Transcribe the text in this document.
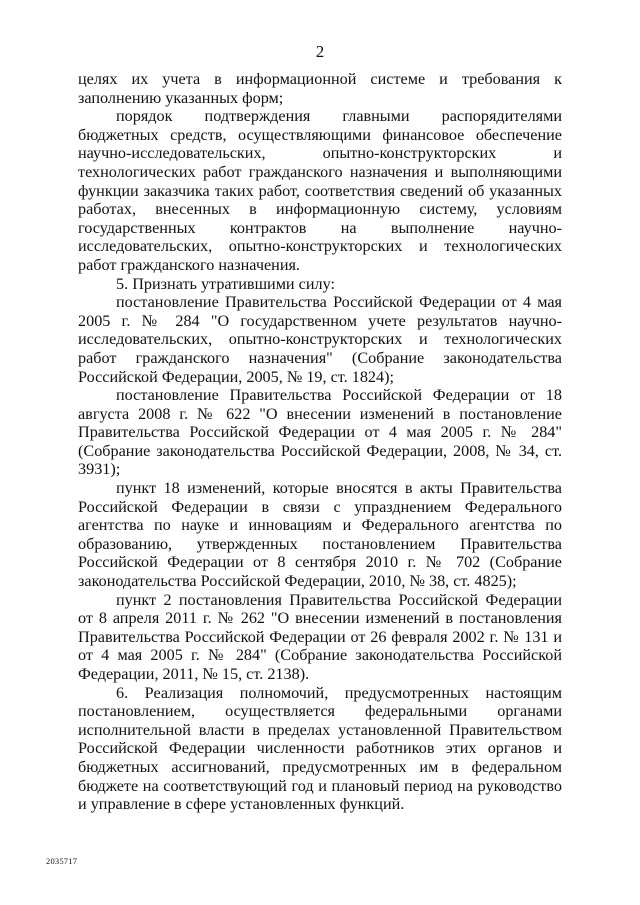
2

целях их учета в информационной системе и требования к заполнению указанных форм;

порядок подтверждения главными распорядителями бюджетных средств, осуществляющими финансовое обеспечение научно-исследовательских, опытно-конструкторских и технологических работ гражданского назначения и выполняющими функции заказчика таких работ, соответствия сведений об указанных работах, внесенных в информационную систему, условиям государственных контрактов на выполнение научно-исследовательских, опытно-конструкторских и технологических работ гражданского назначения.

5. Признать утратившими силу:

постановление Правительства Российской Федерации от 4 мая 2005 г. № 284 "О государственном учете результатов научно-исследовательских, опытно-конструкторских и технологических работ гражданского назначения" (Собрание законодательства Российской Федерации, 2005, № 19, ст. 1824);

постановление Правительства Российской Федерации от 18 августа 2008 г. № 622 "О внесении изменений в постановление Правительства Российской Федерации от 4 мая 2005 г. № 284" (Собрание законодательства Российской Федерации, 2008, № 34, ст. 3931);

пункт 18 изменений, которые вносятся в акты Правительства Российской Федерации в связи с упразднением Федерального агентства по науке и инновациям и Федерального агентства по образованию, утвержденных постановлением Правительства Российской Федерации от 8 сентября 2010 г. № 702 (Собрание законодательства Российской Федерации, 2010, № 38, ст. 4825);

пункт 2 постановления Правительства Российской Федерации от 8 апреля 2011 г. № 262 "О внесении изменений в постановления Правительства Российской Федерации от 26 февраля 2002 г. № 131 и от 4 мая 2005 г. № 284" (Собрание законодательства Российской Федерации, 2011, № 15, ст. 2138).

6. Реализация полномочий, предусмотренных настоящим постановлением, осуществляется федеральными органами исполнительной власти в пределах установленной Правительством Российской Федерации численности работников этих органов и бюджетных ассигнований, предусмотренных им в федеральном бюджете на соответствующий год и плановый период на руководство и управление в сфере установленных функций.

2035717
